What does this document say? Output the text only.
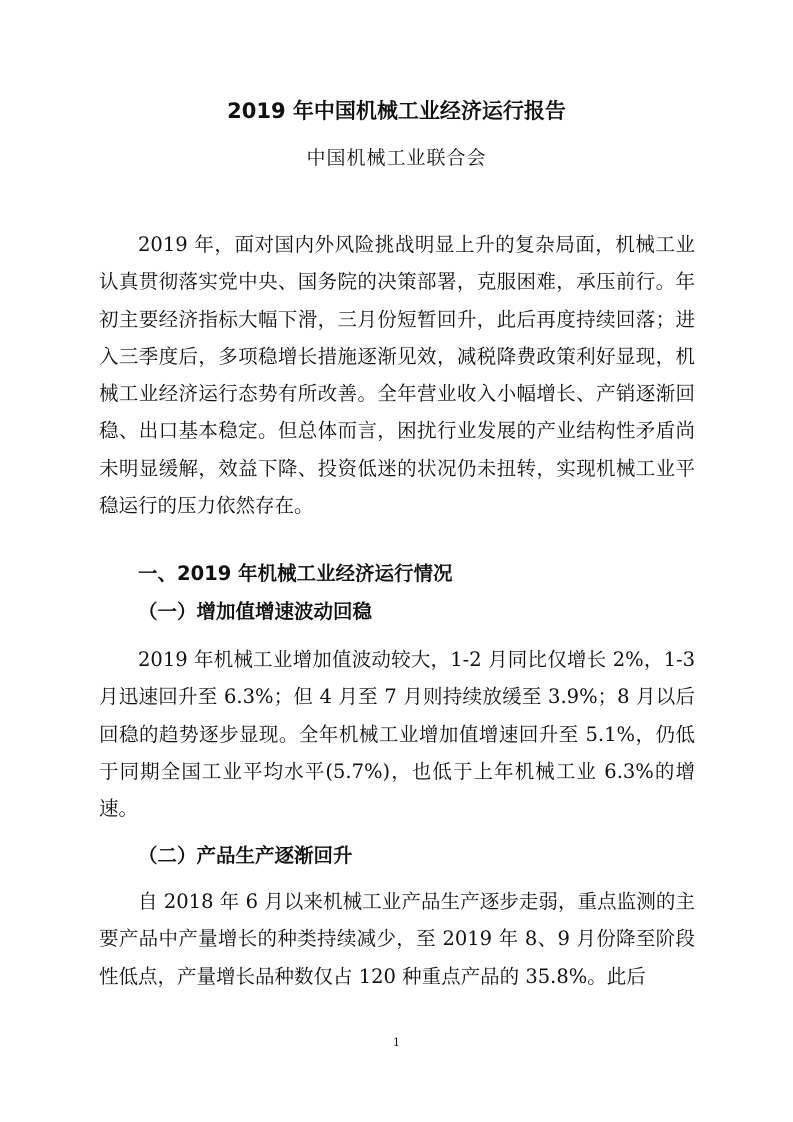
2019 年中国机械工业经济运行报告
中国机械工业联合会

2019 年，面对国内外风险挑战明显上升的复杂局面，机械工业认真贯彻落实党中央、国务院的决策部署，克服困难，承压前行。年初主要经济指标大幅下滑，三月份短暂回升，此后再度持续回落；进入三季度后，多项稳增长措施逐渐见效，减税降费政策利好显现，机械工业经济运行态势有所改善。全年营业收入小幅增长、产销逐渐回稳、出口基本稳定。但总体而言，困扰行业发展的产业结构性矛盾尚未明显缓解，效益下降、投资低迷的状况仍未扭转，实现机械工业平稳运行的压力依然存在。

一、2019 年机械工业经济运行情况
（一）增加值增速波动回稳

2019 年机械工业增加值波动较大，1-2 月同比仅增长 2%，1-3 月迅速回升至 6.3%；但 4 月至 7 月则持续放缓至 3.9%；8 月以后回稳的趋势逐步显现。全年机械工业增加值增速回升至 5.1%，仍低于同期全国工业平均水平(5.7%)，也低于上年机械工业 6.3%的增速。

（二）产品生产逐渐回升

自 2018 年 6 月以来机械工业产品生产逐步走弱，重点监测的主要产品中产量增长的种类持续减少，至 2019 年 8、9 月份降至阶段性低点，产量增长品种数仅占 120 种重点产品的 35.8%。此后

1
